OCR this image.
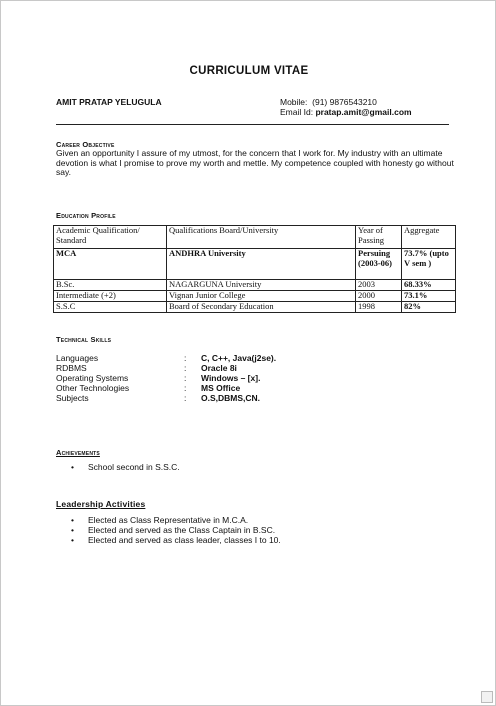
CURRICULUM VITAE
AMIT PRATAP YELUGULA	Mobile: (91) 9876543210
Email Id: pratap.amit@gmail.com
Career Objective
Given an opportunity I assure of my utmost, for the concern that I work for. My industry with an ultimate devotion is what I promise to prove my worth and mettle. My competence coupled with honesty go without say.
Education Profile
Academic Qualification/ Standard	Qualifications Board/University	Year of Passing	Aggregate
MCA	ANDHRA University	Persuing (2003-06)	73.7% (upto V sem )
B.Sc.	NAGARGUNA University	2003	68.33%
Intermediate (+2)	Vignan Junior College	2000	73.1%
S.S.C	Board of Secondary Education	1998	82%
Technical Skills
Languages	:	C, C++, Java(j2se).
RDBMS	:	Oracle 8i
Operating Systems	:	Windows – [x].
Other Technologies	:	MS Office
Subjects	:	O.S,DBMS,CN.
Achievements
• School second in S.S.C.
Leadership Activities
• Elected as Class Representative in M.C.A.
• Elected and served as the Class Captain in B.SC.
• Elected and served as class leader, classes I to 10.
